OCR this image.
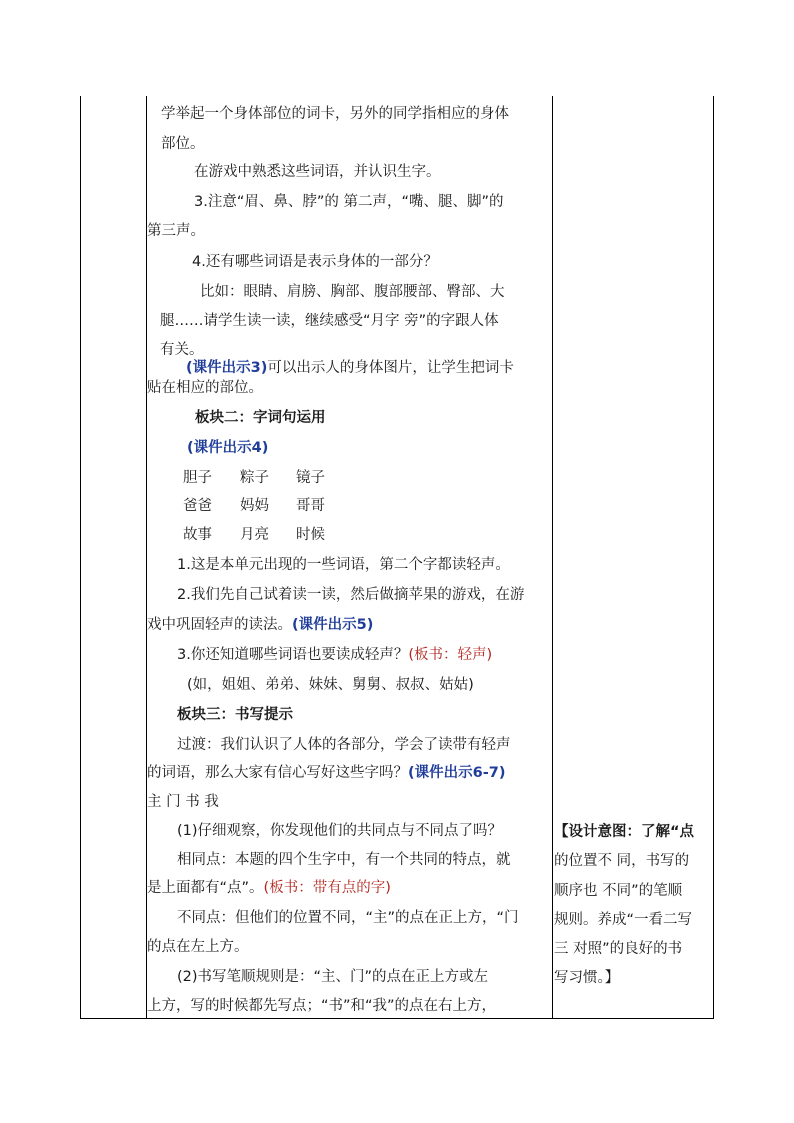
学举起一个身体部位的词卡，另外的同学指相应的身体
部位。
在游戏中熟悉这些词语，并认识生字。
3.注意“眉、鼻、脖”的 第二声，“嘴、腿、脚”的
第三声。
4.还有哪些词语是表示身体的一部分？
比如：眼睛、肩膀、胸部、腹部腰部、臀部、大
腿……请学生读一读，继续感受“月字 旁”的字跟人体
有关。
(课件出示3)可以出示人的身体图片，让学生把词卡
贴在相应的部位。
板块二：字词句运用
(课件出示4)
胆子 粽子 镜子
爸爸 妈妈 哥哥
故事 月亮 时候
1.这是本单元出现的一些词语，第二个字都读轻声。
2.我们先自己试着读一读，然后做摘苹果的游戏，在游
戏中巩固轻声的读法。(课件出示5)
3.你还知道哪些词语也要读成轻声？(板书：轻声)
(如，姐姐、弟弟、妹妹、舅舅、叔叔、姑姑)
板块三：书写提示
过渡：我们认识了人体的各部分，学会了读带有轻声
的词语，那么大家有信心写好这些字吗？(课件出示6-7)
主 门 书 我
(1)仔细观察，你发现他们的共同点与不同点了吗？
相同点：本题的四个生字中，有一个共同的特点，就
是上面都有“点”。(板书：带有点的字)
不同点：但他们的位置不同，“主”的点在正上方，“门
的点在左上方。
(2)书写笔顺规则是：“主、门”的点在正上方或左
上方，写的时候都先写点；“书”和“我”的点在右上方，
【设计意图：了解“点
的位置不 同，书写的
顺序也 不同”的笔顺
规则。养成“一看二写
三 对照”的良好的书
写习惯。】
